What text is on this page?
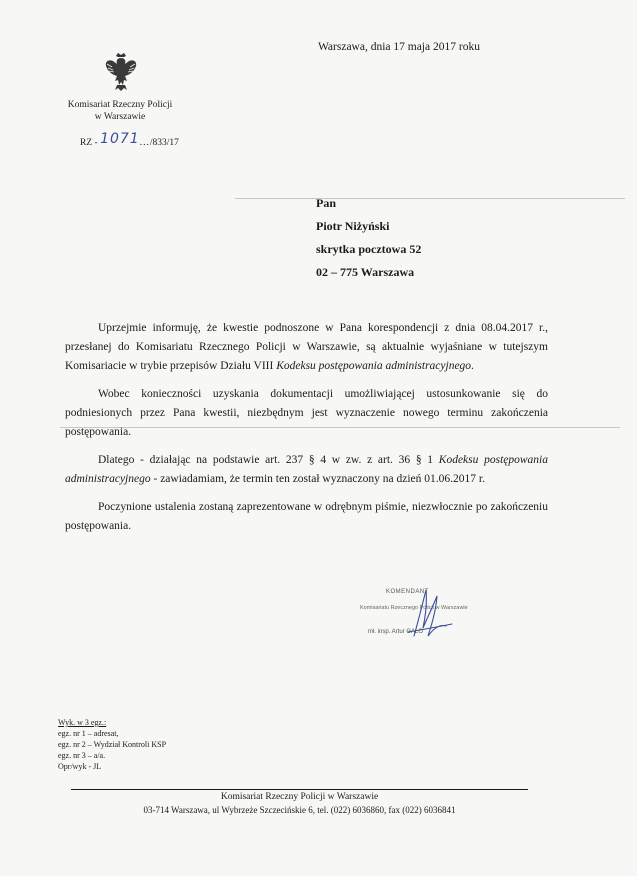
Warszawa, dnia 17 maja 2017 roku
Komisariat Rzeczny Policji
w Warszawie
RZ - 1071.../833/17
Pan
Piotr Niżyński
skrytka pocztowa 52
02 – 775 Warszawa

Uprzejmie informuję, że kwestie podnoszone w Pana korespondencji z dnia 08.04.2017 r., przesłanej do Komisariatu Rzecznego Policji w Warszawie, są aktualnie wyjaśniane w tutejszym Komisariacie w trybie przepisów Działu VIII Kodeksu postępowania administracyjnego.

Wobec konieczności uzyskania dokumentacji umożliwiającej ustosunkowanie się do podniesionych przez Pana kwestii, niezbędnym jest wyznaczenie nowego terminu zakończenia postępowania.

Dlatego - działając na podstawie art. 237 § 4 w zw. z art. 36 § 1 Kodeksu postępowania administracyjnego - zawiadamiam, że termin ten został wyznaczony na dzień 01.06.2017 r.

Poczynione ustalenia zostaną zaprezentowane w odrębnym piśmie, niezwłocznie po zakończeniu postępowania.

KOMENDANT
Komisariatu Rzecznego Policji w Warszawie
mł. insp. Artur GAŁO
Wyk. w 3 egz.:
egz. nr 1 – adresat,
egz. nr 2 – Wydział Kontroli KSP
egz. nr 3 – a/a.
Opr/wyk - JL
Komisariat Rzeczny Policji w Warszawie
03-714 Warszawa, ul Wybrzeże Szczecińskie 6, tel. (022) 6036860, fax (022) 6036841
